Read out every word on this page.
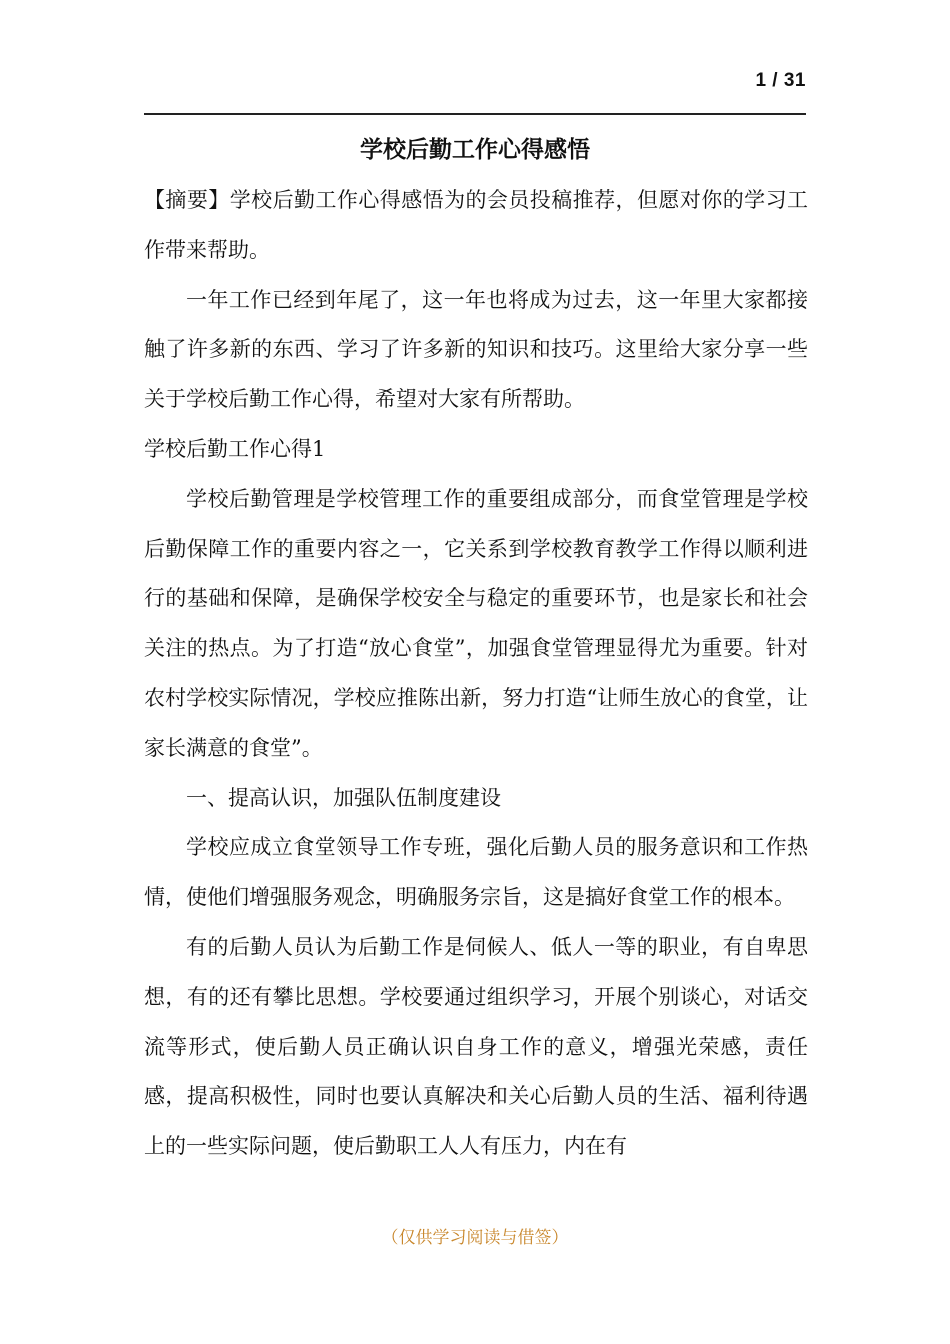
1 / 31
学校后勤工作心得感悟

【摘要】学校后勤工作心得感悟为的会员投稿推荐，但愿对你的学习工作带来帮助。

一年工作已经到年尾了，这一年也将成为过去，这一年里大家都接触了许多新的东西、学习了许多新的知识和技巧。这里给大家分享一些关于学校后勤工作心得，希望对大家有所帮助。

学校后勤工作心得1

学校后勤管理是学校管理工作的重要组成部分，而食堂管理是学校后勤保障工作的重要内容之一，它关系到学校教育教学工作得以顺利进行的基础和保障，是确保学校安全与稳定的重要环节，也是家长和社会关注的热点。为了打造“放心食堂”，加强食堂管理显得尤为重要。针对农村学校实际情况，学校应推陈出新，努力打造“让师生放心的食堂，让家长满意的食堂”。

一、提高认识，加强队伍制度建设

学校应成立食堂领导工作专班，强化后勤人员的服务意识和工作热情，使他们增强服务观念，明确服务宗旨，这是搞好食堂工作的根本。

有的后勤人员认为后勤工作是伺候人、低人一等的职业，有自卑思想，有的还有攀比思想。学校要通过组织学习，开展个别谈心，对话交流等形式，使后勤人员正确认识自身工作的意义，增强光荣感，责任感，提高积极性，同时也要认真解决和关心后勤人员的生活、福利待遇上的一些实际问题，使后勤职工人人有压力，内在有

（仅供学习阅读与借签）
